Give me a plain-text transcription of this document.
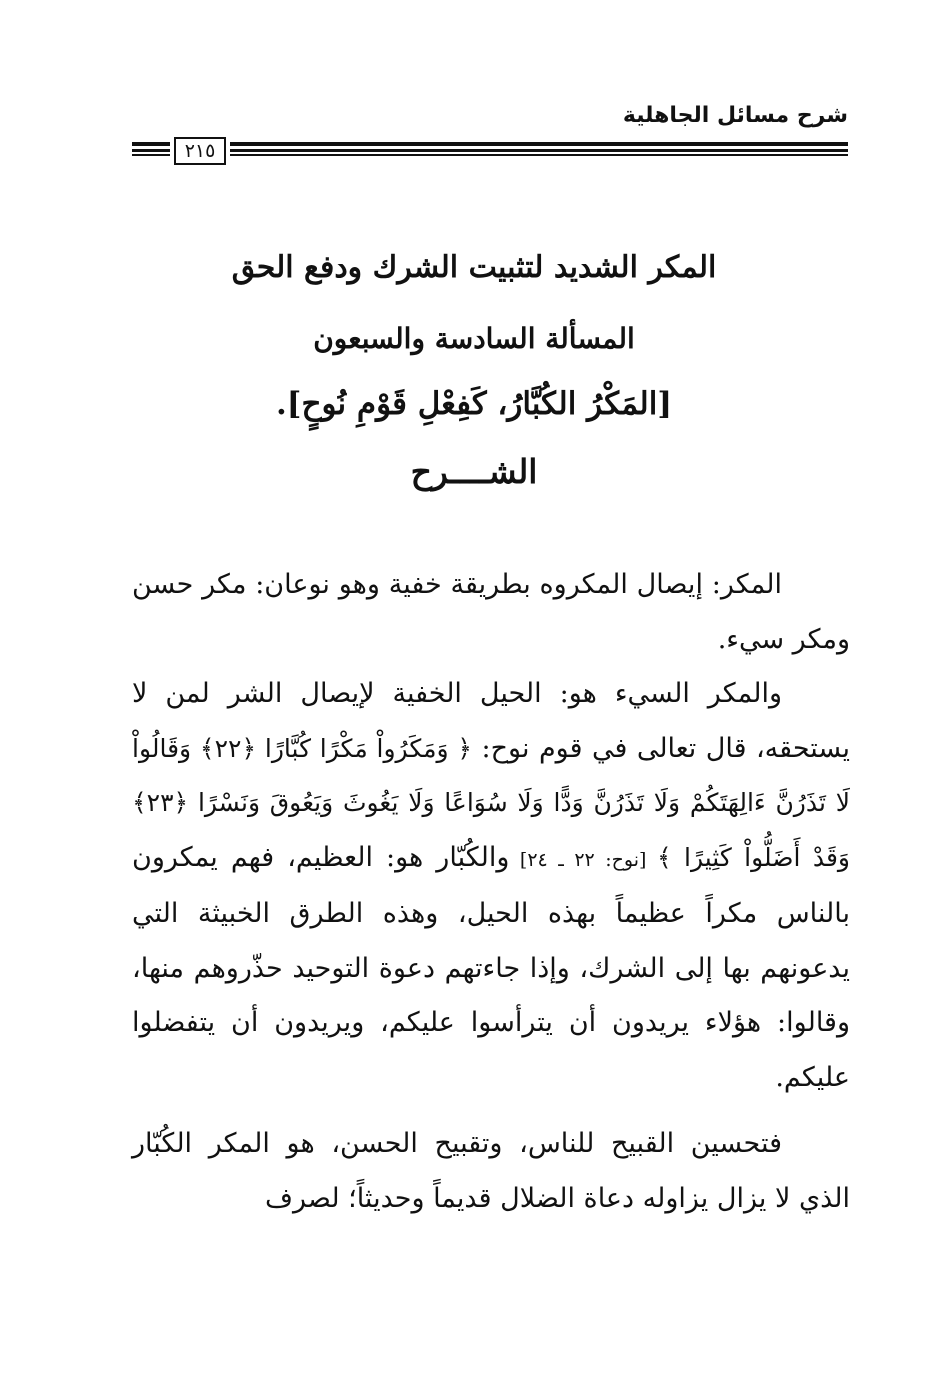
شرح مسائل الجاهلية
٢١٥
المكر الشديد لتثبيت الشرك ودفع الحق
المسألة السادسة والسبعون
[المَكْرُ الكُبَّارُ، كَفِعْلِ قَوْمِ نُوحٍ].
الشــــرح

المكر: إيصال المكروه بطريقة خفية وهو نوعان: مكر حسن ومكر سيء.

والمكر السيء هو: الحيل الخفية لإيصال الشر لمن لا يستحقه، قال تعالى في قوم نوح: ﴿ وَمَكَرُواْ مَكْرًا كُبَّارًا ﴿٢٢﴾ وَقَالُواْ لَا تَذَرُنَّ ءَالِهَتَكُمْ وَلَا تَذَرُنَّ وَدًّا وَلَا سُوَاعًا وَلَا يَغُوثَ وَيَعُوقَ وَنَسْرًا ﴿٢٣﴾ وَقَدْ أَضَلُّواْ كَثِيرًا ﴾ [نوح: ٢٢ ـ ٢٤] والكُبّار هو: العظيم، فهم يمكرون بالناس مكراً عظيماً بهذه الحيل، وهذه الطرق الخبيثة التي يدعونهم بها إلى الشرك، وإذا جاءتهم دعوة التوحيد حذّروهم منها، وقالوا: هؤلاء يريدون أن يترأسوا عليكم، ويريدون أن يتفضلوا عليكم.

فتحسين القبيح للناس، وتقبيح الحسن، هو المكر الكُبّار الذي لا يزال يزاوله دعاة الضلال قديماً وحديثاً؛ لصرف
